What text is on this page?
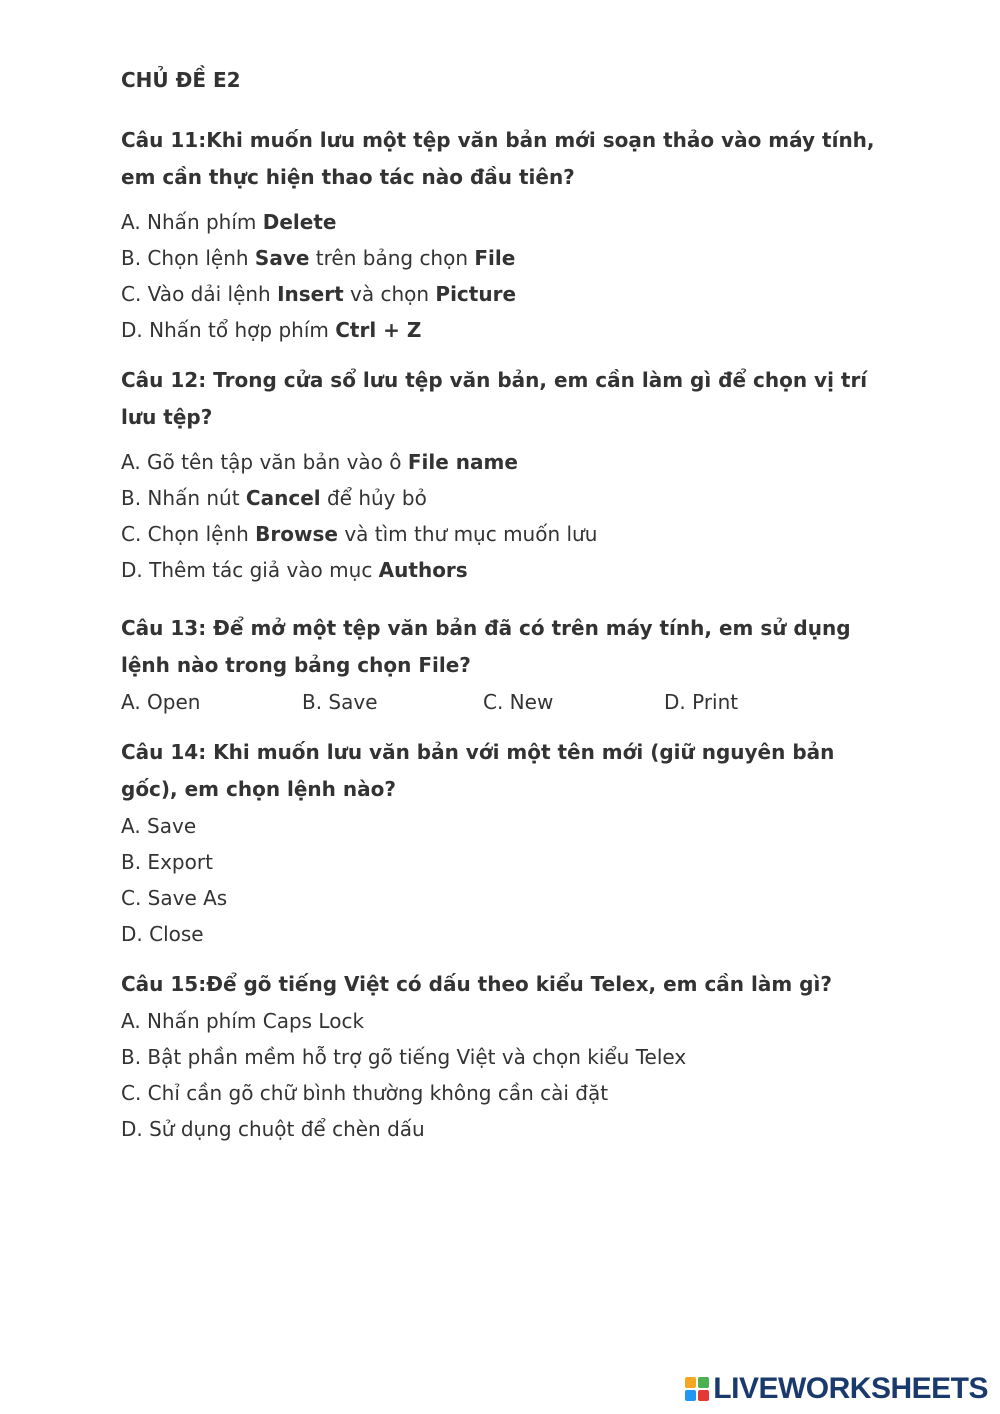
CHỦ ĐỀ E2

Câu 11:Khi muốn lưu một tệp văn bản mới soạn thảo vào máy tính, em cần thực hiện thao tác nào đầu tiên?

A. Nhấn phím Delete

B. Chọn lệnh Save trên bảng chọn File

C. Vào dải lệnh Insert và chọn Picture

D. Nhấn tổ hợp phím Ctrl + Z

Câu 12: Trong cửa sổ lưu tệp văn bản, em cần làm gì để chọn vị trí lưu tệp?

A. Gõ tên tập văn bản vào ô File name

B. Nhấn nút Cancel để hủy bỏ

C. Chọn lệnh Browse và tìm thư mục muốn lưu

D. Thêm tác giả vào mục Authors

Câu 13: Để mở một tệp văn bản đã có trên máy tính, em sử dụng lệnh nào trong bảng chọn File?

A. Open	B. Save	C. New	D. Print

Câu 14: Khi muốn lưu văn bản với một tên mới (giữ nguyên bản gốc), em chọn lệnh nào?

A. Save

B. Export

C. Save As

D. Close

Câu 15:Để gõ tiếng Việt có dấu theo kiểu Telex, em cần làm gì?

A. Nhấn phím Caps Lock

B. Bật phần mềm hỗ trợ gõ tiếng Việt và chọn kiểu Telex

C. Chỉ cần gõ chữ bình thường không cần cài đặt

D. Sử dụng chuột để chèn dấu

LIVEWORKSHEETS
